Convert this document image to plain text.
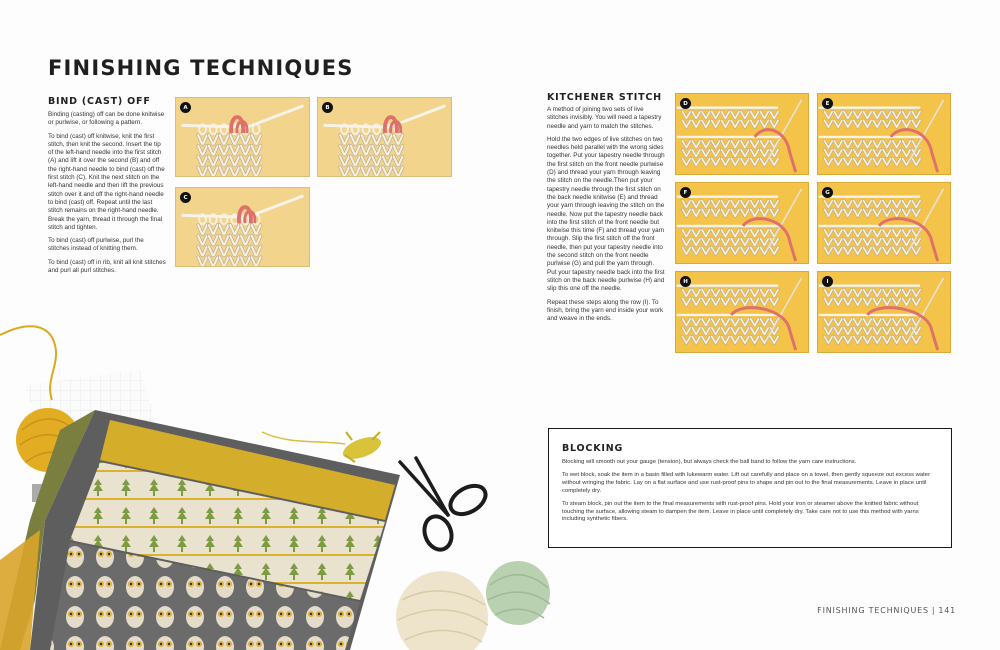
FINISHING TECHNIQUES
BIND (CAST) OFF

Binding (casting) off can be done knitwise or purlwise, or following a pattern.

To bind (cast) off knitwise, knit the first stitch, then knit the second. Insert the tip of the left-hand needle into the first stitch (A) and lift it over the second (B) and off the right-hand needle to bind (cast) off the first stitch (C). Knit the next stitch on the left-hand needle and then lift the previous stitch over it and off the right-hand needle to bind (cast) off. Repeat until the last stitch remains on the right-hand needle. Break the yarn, thread it through the final stitch and tighten.

To bind (cast) off purlwise, purl the stitches instead of knitting them.

To bind (cast) off in rib, knit all knit stitches and purl all purl stitches.

A	B
C
KITCHENER STITCH

A method of joining two sets of live stitches invisibly. You will need a tapestry needle and yarn to match the stitches.

Hold the two edges of live stitches on two needles held parallel with the wrong sides together. Put your tapestry needle through the first stitch on the front needle purlwise (D) and thread your yarn through leaving the stitch on the needle.Then put your tapestry needle through the first stitch on the back needle knitwise (E) and thread your yarn through leaving the stitch on the needle. Now put the tapestry needle back into the first stitch of the front needle but knitwise this time (F) and thread your yarn through. Slip the first stitch off the front needle, then put your tapestry needle into the second stitch on the front needle purlwise (G) and pull the yarn through. Put your tapestry needle back into the first stitch on the back needle purlwise (H) and slip this one off the needle.

Repeat these steps along the row (I). To finish, bring the yarn end inside your work and weave in the ends.

D	E
F	G
H	I
BLOCKING

Blocking will smooth out your gauge (tension), but always check the ball band to follow the yarn care instructions.

To wet block, soak the item in a basin filled with lukewarm water. Lift out carefully and place on a towel, then gently squeeze out excess water without wringing the fabric. Lay on a flat surface and use rust-proof pins to shape and pin out to the final measurements. Leave in place until completely dry.

To steam block, pin out the item to the final measurements with rust-proof pins. Hold your iron or steamer above the knitted fabric without touching the surface, allowing steam to dampen the item. Leave in place until completely dry. Take care not to use this method with yarns including synthetic fibers.

FINISHING TECHNIQUES | 141
